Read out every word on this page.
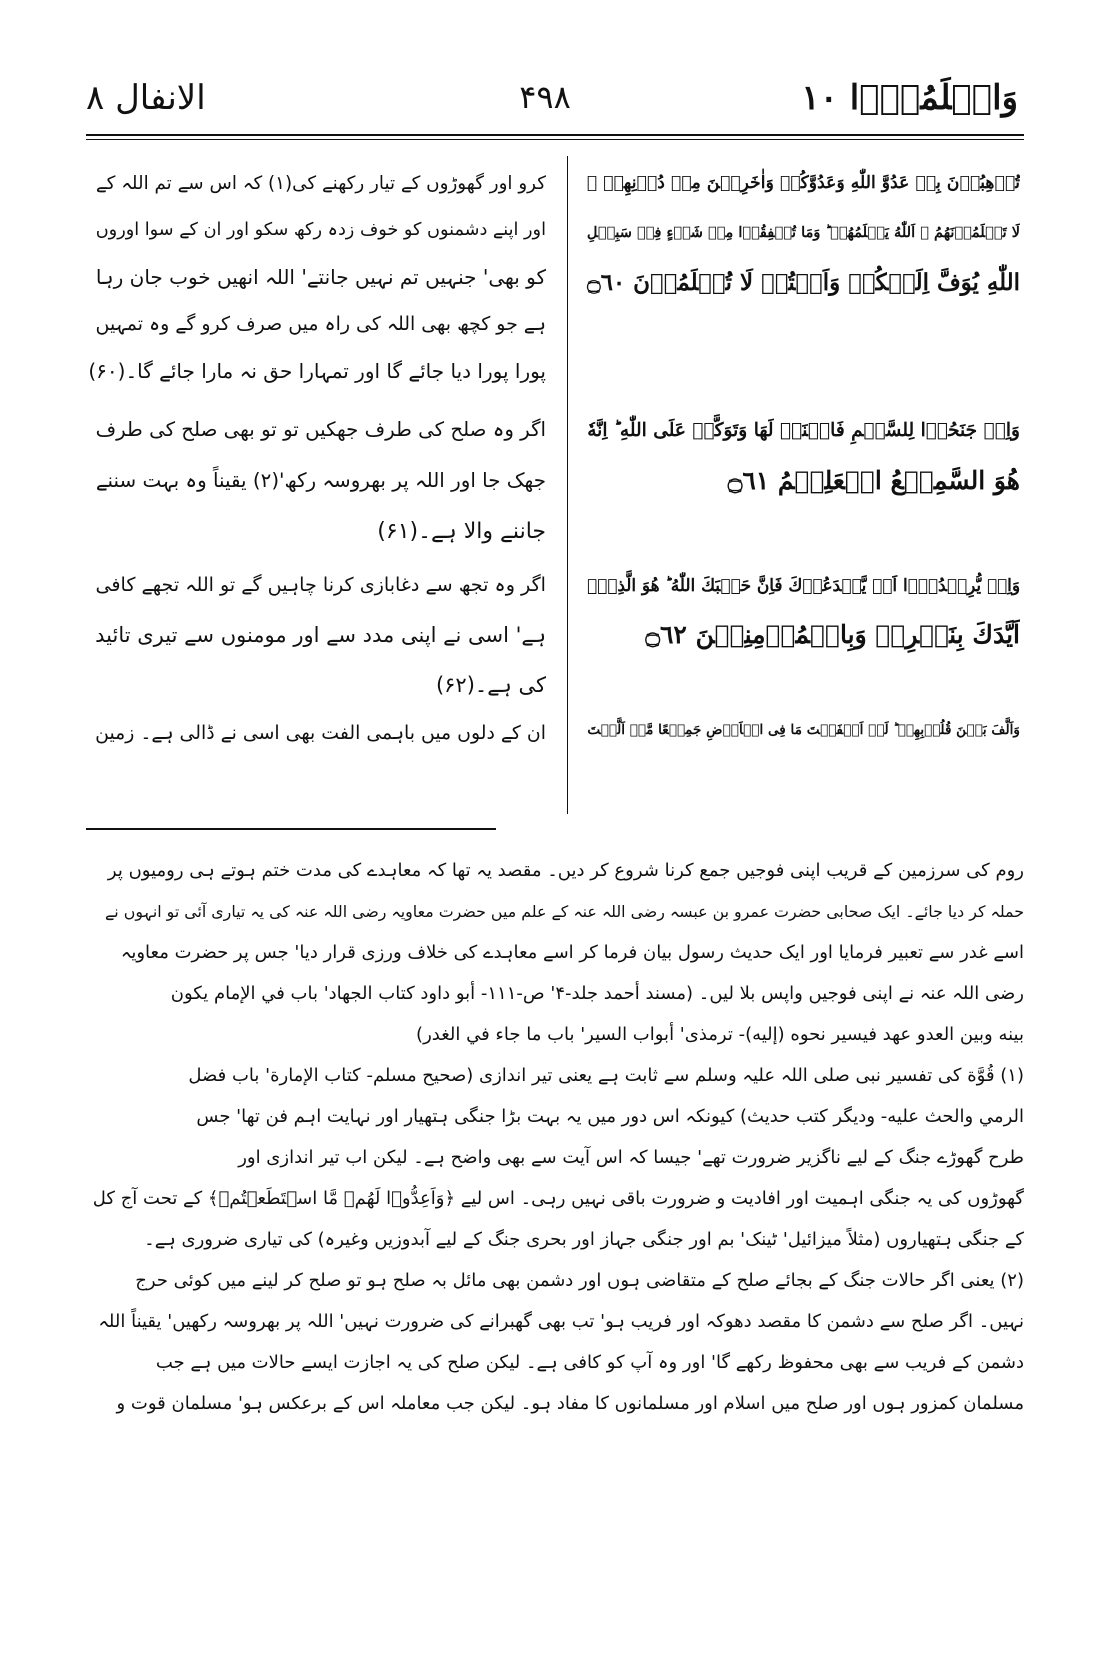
وَاعۡلَمُوۡۤا ١٠
۴۹۸
الانفال ٨
تُرۡهِبُوۡنَ بِهٖ عَدُوَّ اللّٰهِ وَعَدُوَّكُمۡ وَاٰخَرِيۡنَ مِنۡ دُوۡنِهِمۡ ۚ
لَا تَعۡلَمُوۡنَهُمُ ۚ اَللّٰهُ يَعۡلَمُهُمۡ ؕ وَمَا تُنۡفِقُوۡا مِنۡ شَىۡءٍ فِىۡ سَبِيۡلِ
اللّٰهِ يُوَفَّ اِلَيۡكُمۡ وَاَنۡتُمۡ لَا تُظۡلَمُوۡنَ ۝٦٠
کرو اور گھوڑوں کے تیار رکھنے کی(۱) کہ اس سے تم اللہ کے
اور اپنے دشمنوں کو خوف زدہ رکھ سکو اور ان کے سوا اوروں
کو بھی' جنہیں تم نہیں جانتے' اللہ انھیں خوب جان رہا
ہے جو کچھ بھی اللہ کی راہ میں صرف کرو گے وہ تمہیں
پورا پورا دیا جائے گا اور تمہارا حق نہ مارا جائے گا۔(۶۰)
وَاِنۡ جَنَحُوۡا لِلسَّلۡمِ فَاجۡنَحۡ لَهَا وَتَوَكَّلۡ عَلَى اللّٰهِ ؕ اِنَّهٗ
هُوَ السَّمِيۡعُ الۡعَلِيۡمُ ۝٦١
اگر وہ صلح کی طرف جھکیں تو تو بھی صلح کی طرف
جھک جا اور اللہ پر بھروسہ رکھ'(۲) یقیناً وہ بہت سننے
جاننے والا ہے۔(۶۱)
وَاِنۡ يُّرِيۡدُوۡۤا اَنۡ يَّخۡدَعُوۡكَ فَاِنَّ حَسۡبَكَ اللّٰهُ ؕ هُوَ الَّذِىۡۤ
اَيَّدَكَ بِنَصۡرِهٖ وَبِالۡمُؤۡمِنِيۡنَ ۝٦٢
اگر وہ تجھ سے دغابازی کرنا چاہیں گے تو اللہ تجھے کافی
ہے' اسی نے اپنی مدد سے اور مومنوں سے تیری تائید
کی ہے۔(۶۲)
وَاَلَّفَ بَيۡنَ قُلُوۡبِهِمۡ ؕ لَوۡ اَنۡفَقۡتَ مَا فِى الۡاَرۡضِ جَمِيۡعًا مَّاۤ اَلَّفۡتَ
ان کے دلوں میں باہمی الفت بھی اسی نے ڈالی ہے۔ زمین
روم کی سرزمین کے قریب اپنی فوجیں جمع کرنا شروع کر دیں۔ مقصد یہ تھا کہ معاہدے کی مدت ختم ہوتے ہی رومیوں پر
حملہ کر دیا جائے۔ ایک صحابی حضرت عمرو بن عبسہ رضی اللہ عنہ کے علم میں حضرت معاویہ رضی اللہ عنہ کی یہ تیاری آئی تو انہوں نے
اسے غدر سے تعبیر فرمایا اور ایک حدیث رسول بیان فرما کر اسے معاہدے کی خلاف ورزی قرار دیا' جس پر حضرت معاویہ
رضی اللہ عنہ نے اپنی فوجیں واپس بلا لیں۔ (مسند أحمد جلد-۴' ص-۱۱۱- أبو داود كتاب الجهاد' باب في الإمام يكون
بينه وبين العدو عهد فيسير نحوه (إليه)- ترمذی' أبواب السير' باب ما جاء في الغدر)
(۱) قُوَّة کی تفسیر نبی صلی اللہ علیہ وسلم سے ثابت ہے یعنی تیر اندازی (صحیح مسلم- كتاب الإمارة' باب فضل
الرمي والحث عليه- ودیگر کتب حدیث) کیونکہ اس دور میں یہ بہت بڑا جنگی ہتھیار اور نہایت اہم فن تھا' جس
طرح گھوڑے جنگ کے لیے ناگزیر ضرورت تھے' جیسا کہ اس آیت سے بھی واضح ہے۔ لیکن اب تیر اندازی اور
گھوڑوں کی یہ جنگی اہمیت اور افادیت و ضرورت باقی نہیں رہی۔ اس لیے ﴿وَاَعِدُّوۡا لَهُمۡ مَّا اسۡتَطَعۡتُمۡ﴾ کے تحت آج کل
کے جنگی ہتھیاروں (مثلاً میزائیل' ٹینک' بم اور جنگی جہاز اور بحری جنگ کے لیے آبدوزیں وغیرہ) کی تیاری ضروری ہے۔
(۲) یعنی اگر حالات جنگ کے بجائے صلح کے متقاضی ہوں اور دشمن بھی مائل بہ صلح ہو تو صلح کر لینے میں کوئی حرج
نہیں۔ اگر صلح سے دشمن کا مقصد دھوکہ اور فریب ہو' تب بھی گھبرانے کی ضرورت نہیں' اللہ پر بھروسہ رکھیں' یقیناً اللہ
دشمن کے فریب سے بھی محفوظ رکھے گا' اور وہ آپ کو کافی ہے۔ لیکن صلح کی یہ اجازت ایسے حالات میں ہے جب
مسلمان کمزور ہوں اور صلح میں اسلام اور مسلمانوں کا مفاد ہو۔ لیکن جب معاملہ اس کے برعکس ہو' مسلمان قوت و
